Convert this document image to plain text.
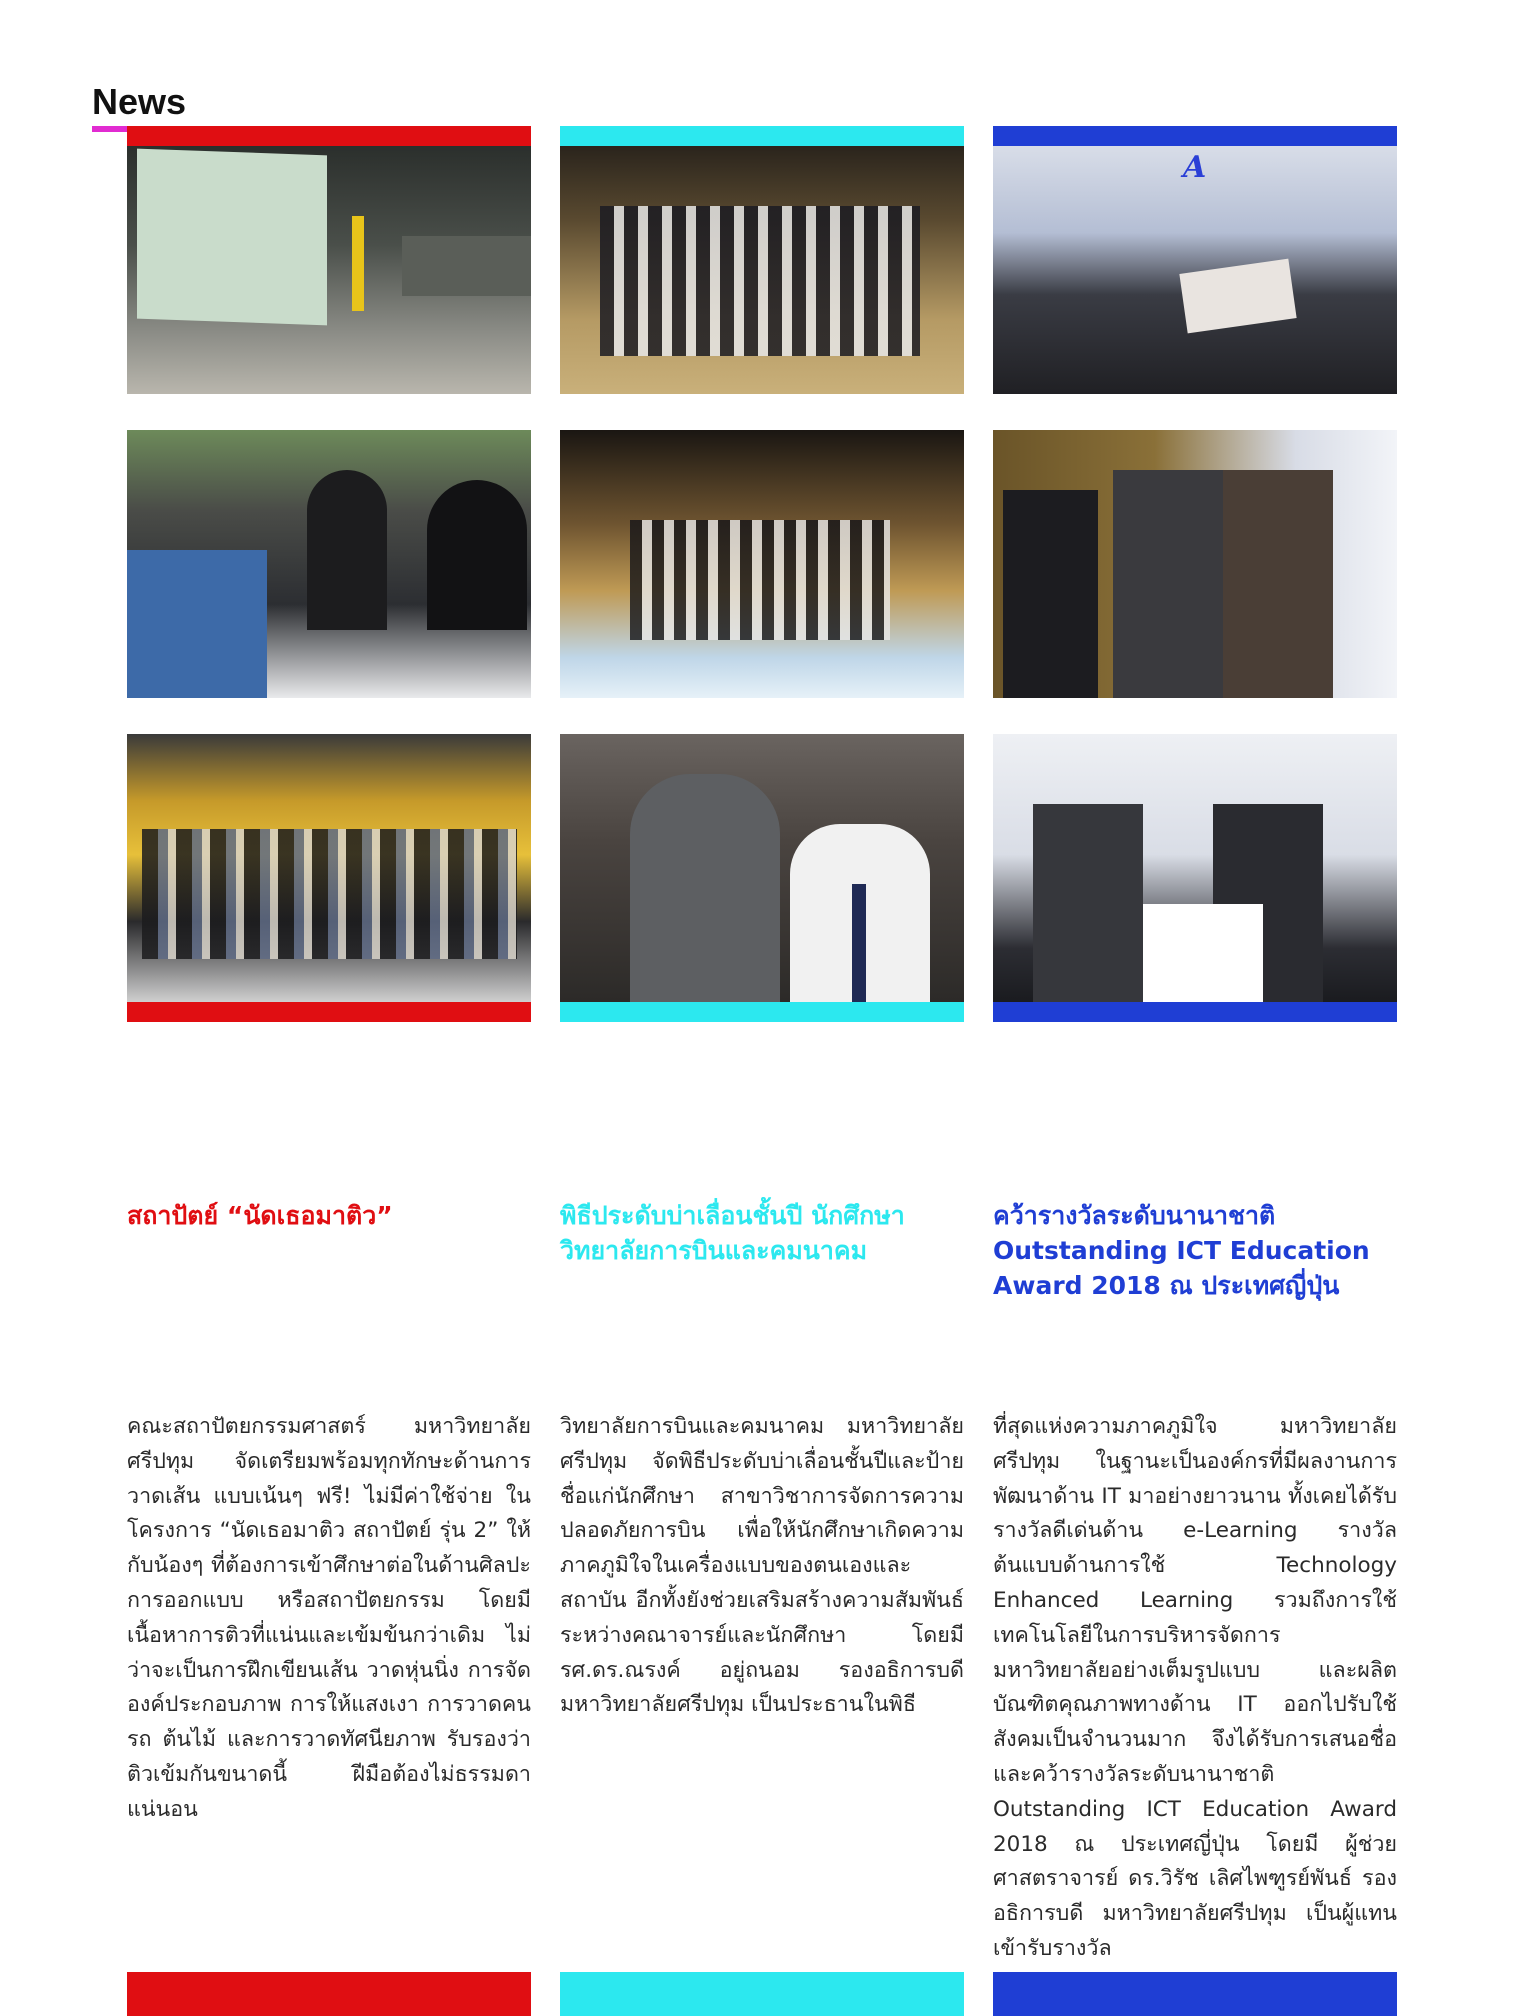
News
A
สถาปัตย์ “นัดเธอมาติว”	พิธีประดับบ่าเลื่อนชั้นปี นักศึกษาวิทยาลัยการบินและคมนาคม
คว้ารางวัลระดับนานาชาติ Outstanding ICT Education Award 2018 ณ ประเทศญี่ปุ่น
คณะสถาปัตยกรรมศาสตร์ มหาวิทยาลัยศรีปทุม จัดเตรียมพร้อมทุกทักษะด้านการวาดเส้น แบบเน้นๆ ฟรี! ไม่มีค่าใช้จ่าย ในโครงการ “นัดเธอมาติว สถาปัตย์ รุ่น 2” ให้กับน้องๆ ที่ต้องการเข้าศึกษาต่อในด้านศิลปะ การออกแบบ หรือสถาปัตยกรรม โดยมีเนื้อหาการติวที่แน่นและเข้มข้นกว่าเดิม ไม่ว่าจะเป็นการฝึกเขียนเส้น วาดหุ่นนิ่ง การจัดองค์ประกอบภาพ การให้แสงเงา การวาดคน รถ ต้นไม้ และการวาดทัศนียภาพ รับรองว่าติวเข้มกันขนาดนี้ ฝีมือต้องไม่ธรรมดาแน่นอน
วิทยาลัยการบินและคมนาคม มหาวิทยาลัยศรีปทุม จัดพิธีประดับบ่าเลื่อนชั้นปีและป้ายชื่อแก่นักศึกษา สาขาวิชาการจัดการความปลอดภัยการบิน เพื่อให้นักศึกษาเกิดความภาคภูมิใจในเครื่องแบบของตนเองและสถาบัน อีกทั้งยังช่วยเสริมสร้างความสัมพันธ์ระหว่างคณาจารย์และนักศึกษา โดยมี รศ.ดร.ณรงค์ อยู่ถนอม รองอธิการบดีมหาวิทยาลัยศรีปทุม เป็นประธานในพิธี
ที่สุดแห่งความภาคภูมิใจ มหาวิทยาลัยศรีปทุม ในฐานะเป็นองค์กรที่มีผลงานการพัฒนาด้าน IT มาอย่างยาวนาน ทั้งเคยได้รับรางวัลดีเด่นด้าน e-Learning รางวัลต้นแบบด้านการใช้ Technology Enhanced Learning รวมถึงการใช้เทคโนโลยีในการบริหารจัดการมหาวิทยาลัยอย่างเต็มรูปแบบ และผลิตบัณฑิตคุณภาพทางด้าน IT ออกไปรับใช้สังคมเป็นจำนวนมาก จึงได้รับการเสนอชื่อและคว้ารางวัลระดับนานาชาติ Outstanding ICT Education Award 2018 ณ ประเทศญี่ปุ่น โดยมี ผู้ช่วยศาสตราจารย์ ดร.วิรัช เลิศไพฑูรย์พันธ์ รองอธิการบดี มหาวิทยาลัยศรีปทุม เป็นผู้แทนเข้ารับรางวัล
